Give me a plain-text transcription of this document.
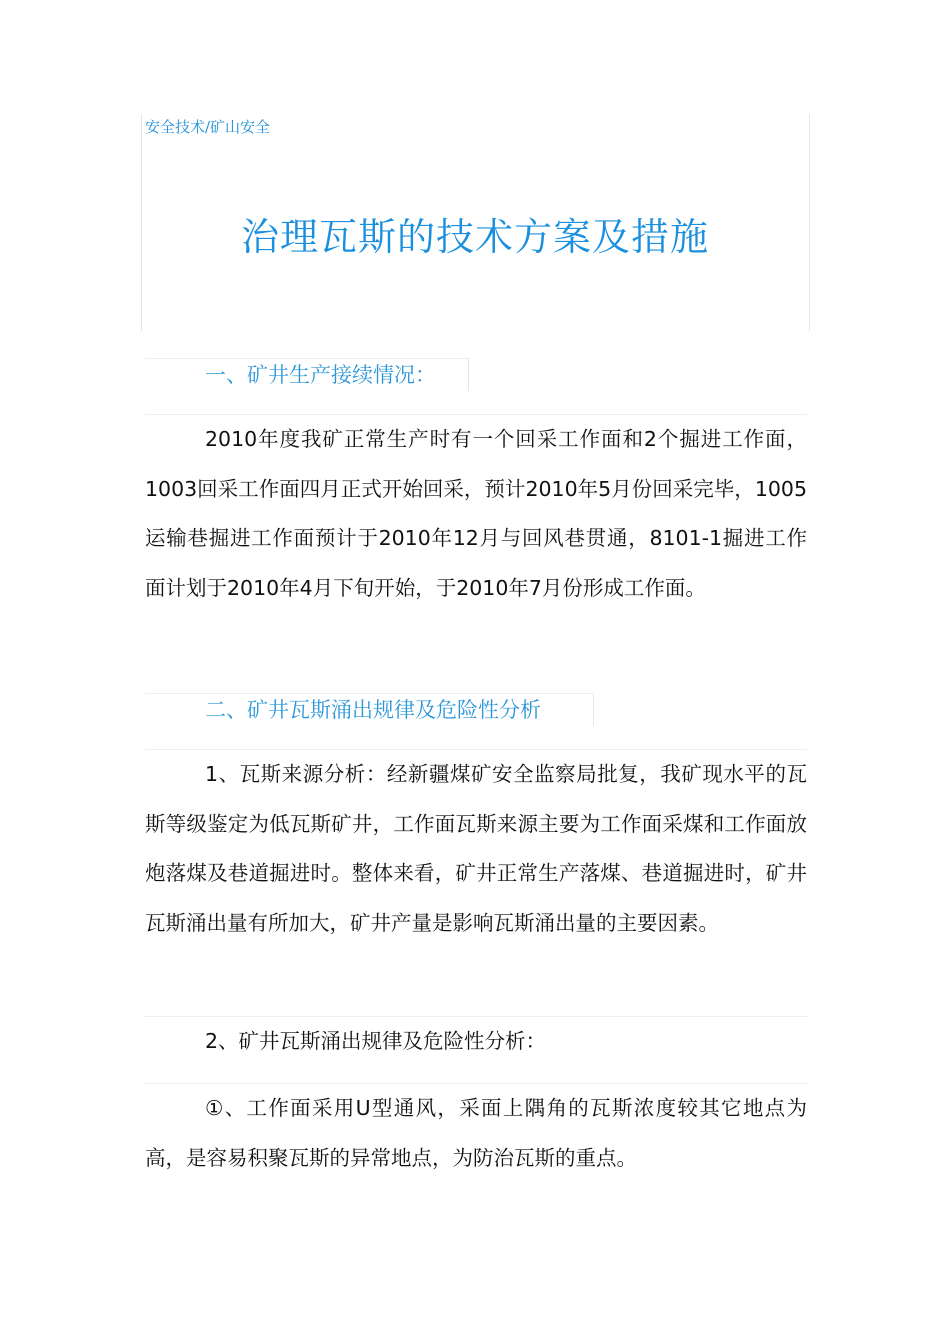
安全技术/矿山安全
治理瓦斯的技术方案及措施
一、矿井生产接续情况：

2010年度我矿正常生产时有一个回采工作面和2个掘进工作面，1003回采工作面四月正式开始回采，预计2010年5月份回采完毕，1005运输巷掘进工作面预计于2010年12月与回风巷贯通，8101-1掘进工作面计划于2010年4月下旬开始，于2010年7月份形成工作面。

二、矿井瓦斯涌出规律及危险性分析

1、瓦斯来源分析：经新疆煤矿安全监察局批复，我矿现水平的瓦斯等级鉴定为低瓦斯矿井，工作面瓦斯来源主要为工作面采煤和工作面放炮落煤及巷道掘进时。整体来看，矿井正常生产落煤、巷道掘进时，矿井瓦斯涌出量有所加大，矿井产量是影响瓦斯涌出量的主要因素。

2、矿井瓦斯涌出规律及危险性分析：

①、工作面采用U型通风，采面上隅角的瓦斯浓度较其它地点为高，是容易积聚瓦斯的异常地点，为防治瓦斯的重点。
